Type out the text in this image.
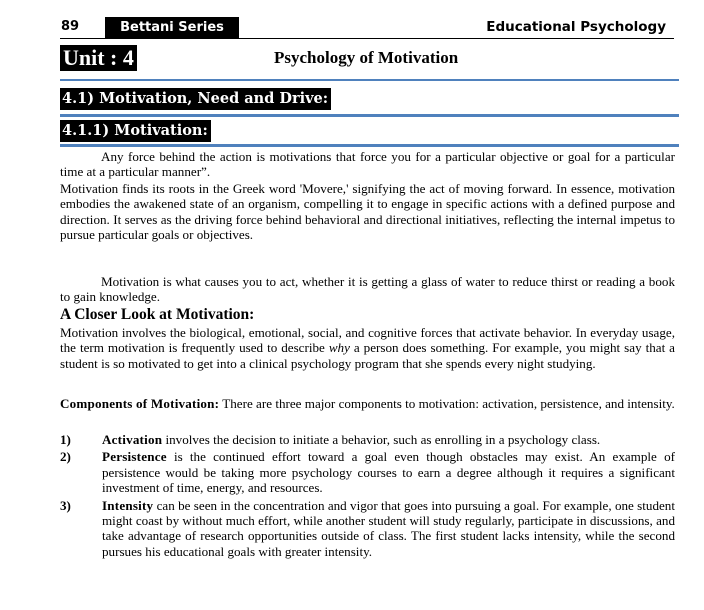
89	Bettani Series	Educational Psychology
Unit : 4	Psychology of Motivation
4.1) Motivation, Need and Drive:
4.1.1) Motivation:

Any force behind the action is motivations that force you for a particular objective or goal for a particular time at a particular manner”.

Motivation finds its roots in the Greek word 'Movere,' signifying the act of moving forward. In essence, motivation embodies the awakened state of an organism, compelling it to engage in specific actions with a defined purpose and direction. It serves as the driving force behind behavioral and directional initiatives, reflecting the internal impetus to pursue particular goals or objectives.

Motivation is what causes you to act, whether it is getting a glass of water to reduce thirst or reading a book to gain knowledge.

A Closer Look at Motivation:

Motivation involves the biological, emotional, social, and cognitive forces that activate behavior. In everyday usage, the term motivation is frequently used to describe why a person does something. For example, you might say that a student is so motivated to get into a clinical psychology program that she spends every night studying.

Components of Motivation: There are three major components to motivation: activation, persistence, and intensity.

1) Activation involves the decision to initiate a behavior, such as enrolling in a psychology class.
2) Persistence is the continued effort toward a goal even though obstacles may exist. An example of persistence would be taking more psychology courses to earn a degree although it requires a significant investment of time, energy, and resources.
3) Intensity can be seen in the concentration and vigor that goes into pursuing a goal. For example, one student might coast by without much effort, while another student will study regularly, participate in discussions, and take advantage of research opportunities outside of class. The first student lacks intensity, while the second pursues his educational goals with greater intensity.
